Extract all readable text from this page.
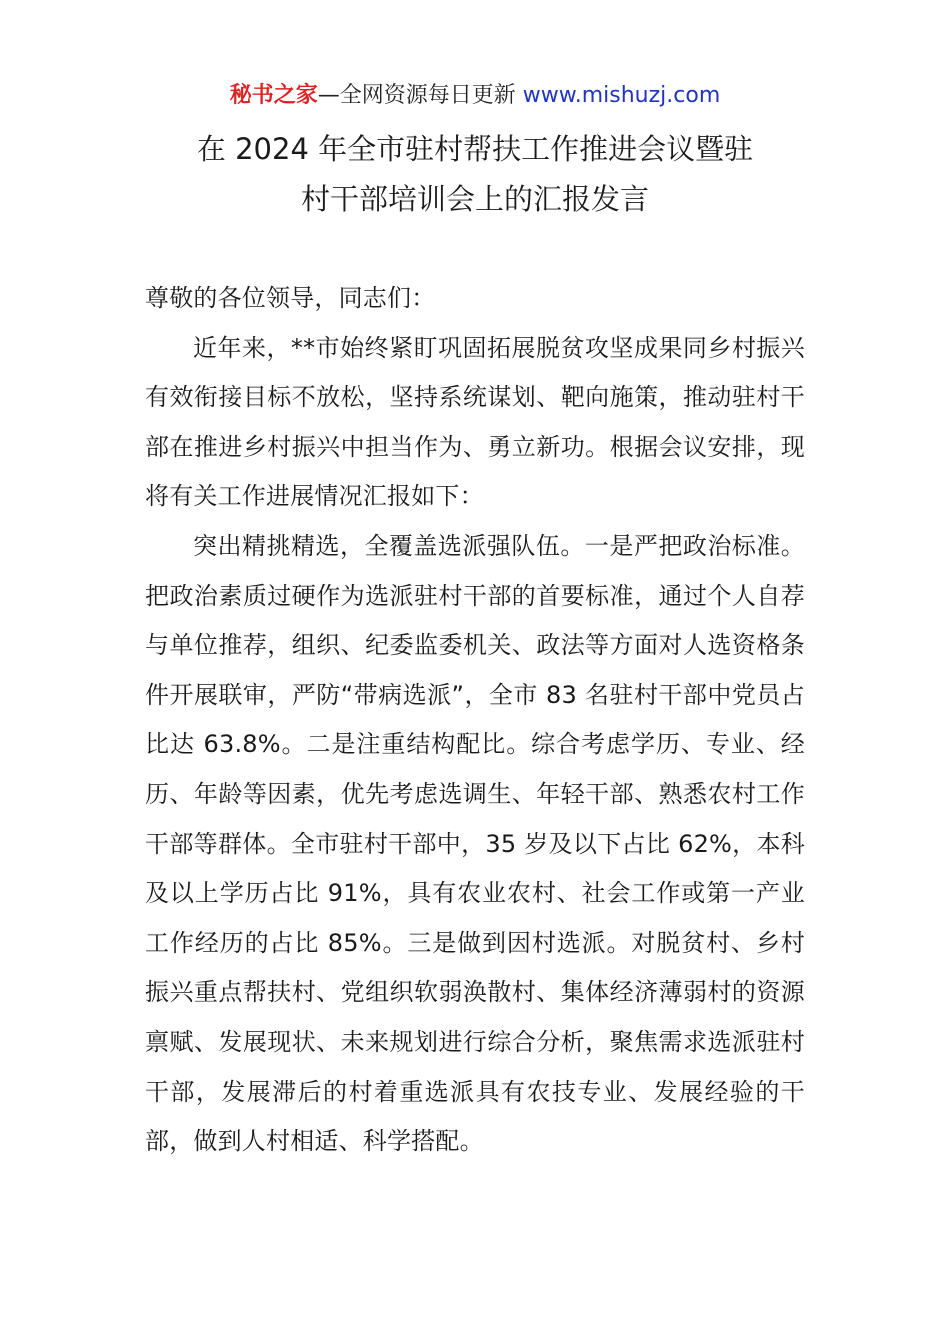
秘书之家—全网资源每日更新 www.mishuzj.com
在 2024 年全市驻村帮扶工作推进会议暨驻
村干部培训会上的汇报发言

尊敬的各位领导，同志们：

近年来，**市始终紧盯巩固拓展脱贫攻坚成果同乡村振兴有效衔接目标不放松，坚持系统谋划、靶向施策，推动驻村干部在推进乡村振兴中担当作为、勇立新功。根据会议安排，现将有关工作进展情况汇报如下：

突出精挑精选，全覆盖选派强队伍。一是严把政治标准。把政治素质过硬作为选派驻村干部的首要标准，通过个人自荐与单位推荐，组织、纪委监委机关、政法等方面对人选资格条件开展联审，严防“带病选派”，全市 83 名驻村干部中党员占比达 63.8%。二是注重结构配比。综合考虑学历、专业、经历、年龄等因素，优先考虑选调生、年轻干部、熟悉农村工作干部等群体。全市驻村干部中，35 岁及以下占比 62%，本科及以上学历占比 91%，具有农业农村、社会工作或第一产业工作经历的占比 85%。三是做到因村选派。对脱贫村、乡村振兴重点帮扶村、党组织软弱涣散村、集体经济薄弱村的资源禀赋、发展现状、未来规划进行综合分析，聚焦需求选派驻村干部，发展滞后的村着重选派具有农技专业、发展经验的干部，做到人村相适、科学搭配。
